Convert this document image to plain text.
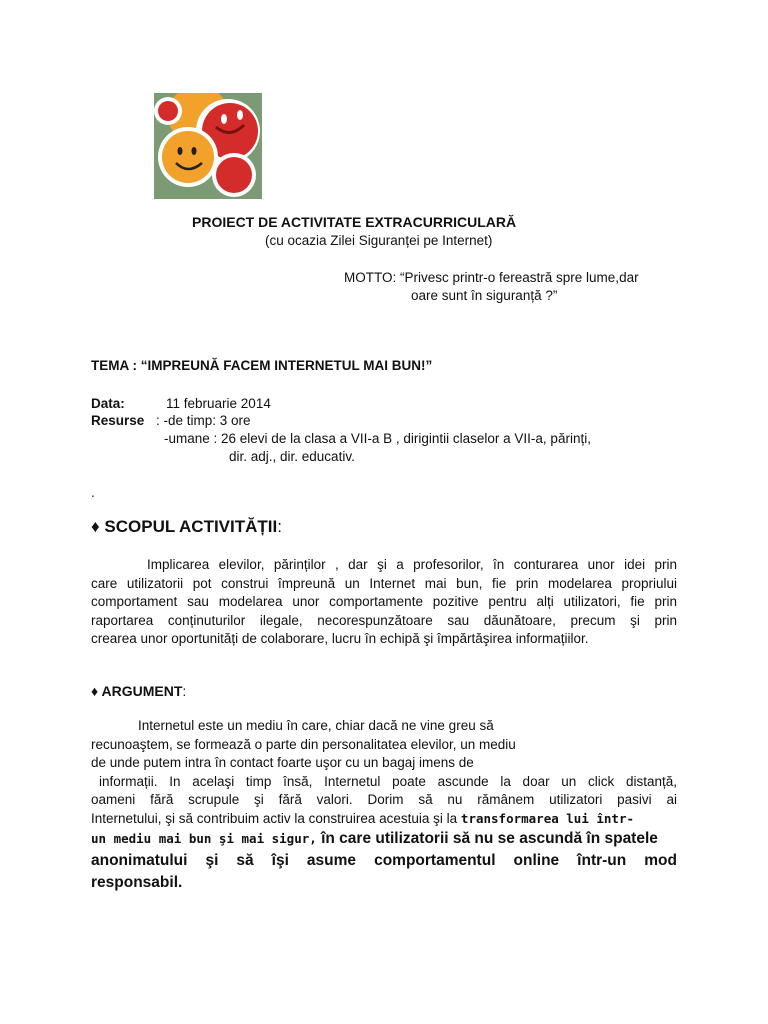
PROIECT DE ACTIVITATE EXTRACURRICULARĂ
(cu ocazia Zilei Siguranței pe Internet)
MOTTO: “Privesc printr-o fereastră spre lume,dar
oare sunt în siguranță ?”
TEMA : “IMPREUNĂ FACEM INTERNETUL MAI BUN!”
Data:	11 februarie 2014
Resurse : -de timp: 3 ore
-umane : 26 elevi de la clasa a VII-a B , dirigintii claselor a VII-a, părinți,
dir. adj., dir. educativ.
.
♦ SCOPUL ACTIVITĂȚII:
Implicarea elevilor, părinților , dar şi a profesorilor, în conturarea unor idei prin
care utilizatorii pot construi împreună un Internet mai bun, fie prin modelarea propriului
comportament sau modelarea unor comportamente pozitive pentru alți utilizatori, fie prin
raportarea conținuturilor ilegale, necorespunzătoare sau dăunătoare, precum şi prin
crearea unor oportunități de colaborare, lucru în echipă şi împărtăşirea informațiilor.
♦ ARGUMENT:
Internetul este un mediu în care, chiar dacă ne vine greu să
recunoaştem, se formează o parte din personalitatea elevilor, un mediu
de unde putem intra în contact foarte uşor cu un bagaj imens de
informații. In acelaşi timp însă, Internetul poate ascunde la doar un click distanță,
oameni fără scrupule şi fără valori. Dorim să nu rămânem utilizatori pasivi ai
Internetului, şi să contribuim activ la construirea acestuia şi la transformarea lui într-
un mediu mai bun şi mai sigur, în care utilizatorii să nu se ascundă în spatele
anonimatului şi să îşi asume comportamentul online într-un mod
responsabil.
